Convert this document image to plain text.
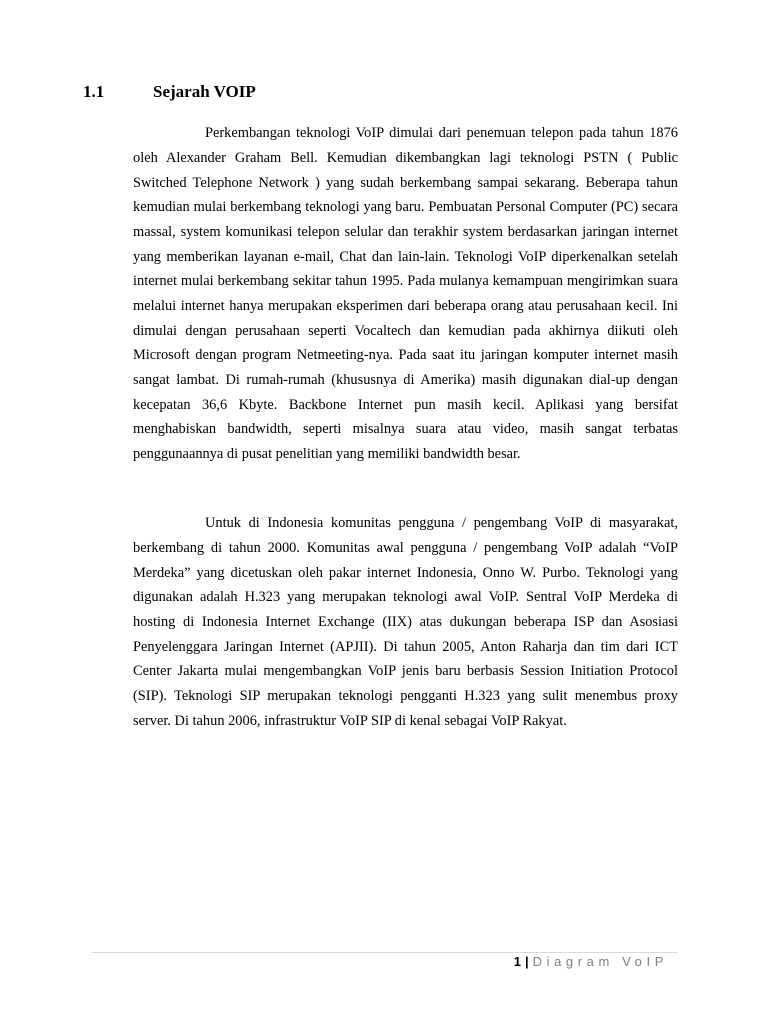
1.1	Sejarah VOIP

Perkembangan teknologi VoIP dimulai dari penemuan telepon pada tahun 1876 oleh Alexander Graham Bell. Kemudian dikembangkan lagi teknologi PSTN ( Public Switched Telephone Network ) yang sudah berkembang sampai sekarang. Beberapa tahun kemudian mulai berkembang teknologi yang baru. Pembuatan Personal Computer (PC) secara massal, system komunikasi telepon selular dan terakhir system berdasarkan jaringan internet yang memberikan layanan e-mail, Chat dan lain-lain. Teknologi VoIP diperkenalkan setelah internet mulai berkembang sekitar tahun 1995. Pada mulanya kemampuan mengirimkan suara melalui internet hanya merupakan eksperimen dari beberapa orang atau perusahaan kecil. Ini dimulai dengan perusahaan seperti Vocaltech dan kemudian pada akhirnya diikuti oleh Microsoft dengan program Netmeeting-nya. Pada saat itu jaringan komputer internet masih sangat lambat. Di rumah-rumah (khususnya di Amerika) masih digunakan dial-up dengan kecepatan 36,6 Kbyte. Backbone Internet pun masih kecil. Aplikasi yang bersifat menghabiskan bandwidth, seperti misalnya suara atau video, masih sangat terbatas penggunaannya di pusat penelitian yang memiliki bandwidth besar.

Untuk di Indonesia komunitas pengguna / pengembang VoIP di masyarakat, berkembang di tahun 2000. Komunitas awal pengguna / pengembang VoIP adalah “VoIP Merdeka” yang dicetuskan oleh pakar internet Indonesia, Onno W. Purbo. Teknologi yang digunakan adalah H.323 yang merupakan teknologi awal VoIP. Sentral VoIP Merdeka di hosting di Indonesia Internet Exchange (IIX) atas dukungan beberapa ISP dan Asosiasi Penyelenggara Jaringan Internet (APJII). Di tahun 2005, Anton Raharja dan tim dari ICT Center Jakarta mulai mengembangkan VoIP jenis baru berbasis Session Initiation Protocol (SIP). Teknologi SIP merupakan teknologi pengganti H.323 yang sulit menembus proxy server. Di tahun 2006, infrastruktur VoIP SIP di kenal sebagai VoIP Rakyat.

1 | Diagram VoIP
